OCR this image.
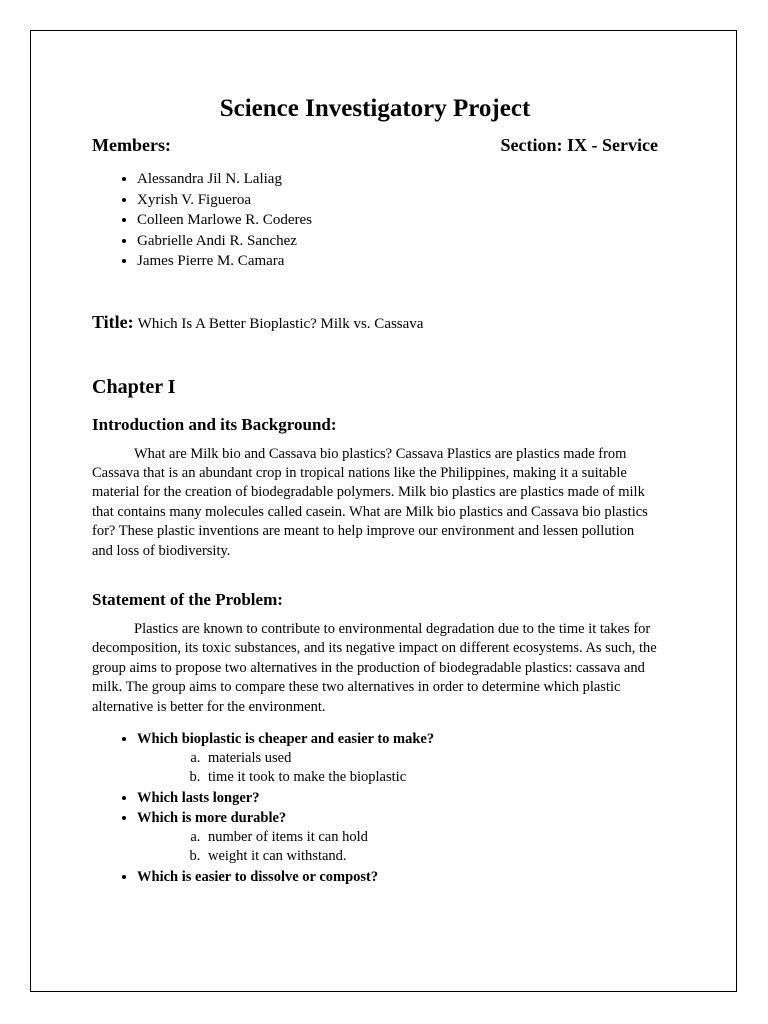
Science Investigatory Project
Members:	Section: IX - Service
• Alessandra Jil N. Laliag
• Xyrish V. Figueroa
• Colleen Marlowe R. Coderes
• Gabrielle Andi R. Sanchez
• James Pierre M. Camara
Title: Which Is A Better Bioplastic? Milk vs. Cassava
Chapter I
Introduction and its Background:

What are Milk bio and Cassava bio plastics? Cassava Plastics are plastics made from Cassava that is an abundant crop in tropical nations like the Philippines, making it a suitable material for the creation of biodegradable polymers. Milk bio plastics are plastics made of milk that contains many molecules called casein. What are Milk bio plastics and Cassava bio plastics for? These plastic inventions are meant to help improve our environment and lessen pollution and loss of biodiversity.

Statement of the Problem:

Plastics are known to contribute to environmental degradation due to the time it takes for decomposition, its toxic substances, and its negative impact on different ecosystems. As such, the group aims to propose two alternatives in the production of biodegradable plastics: cassava and milk. The group aims to compare these two alternatives in order to determine which plastic alternative is better for the environment.

• Which bioplastic is cheaper and easier to make?
a. materials used
b. time it took to make the bioplastic
• Which lasts longer?
• Which is more durable?
a. number of items it can hold
b. weight it can withstand.
• Which is easier to dissolve or compost?
